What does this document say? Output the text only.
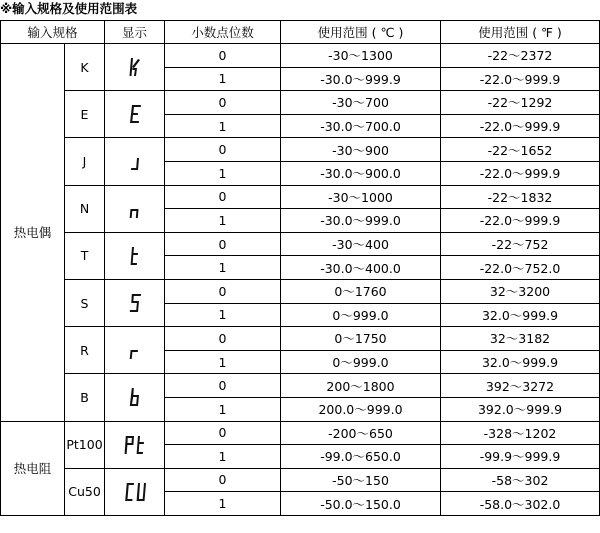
※输入规格及使用范围表
输入规格		显示	小数点位数	使用范围 ( ℃ )	使用范围 ( ℉ )
热电偶	K		0	-30～1300	-22～2372
			1	-30.0～999.9	-22.0～999.9
	E		0	-30～700	-22～1292
			1	-30.0～700.0	-22.0～999.9
	J		0	-30～900	-22～1652
			1	-30.0～900.0	-22.0～999.9
	N		0	-30～1000	-22～1832
			1	-30.0～999.0	-22.0～999.9
	T		0	-30～400	-22～752
			1	-30.0～400.0	-22.0～752.0
	S		0	0～1760	32～3200
			1	0～999.0	32.0～999.9
	R		0	0～1750	32～3182
			1	0～999.0	32.0～999.9
	B		0	200～1800	392～3272
			1	200.0～999.0	392.0～999.9
热电阻	Pt100		0	-200～650	-328～1202
			1	-99.0～650.0	-99.9～999.9
	Cu50		0	-50～150	-58～302
			1	-50.0～150.0	-58.0～302.0
